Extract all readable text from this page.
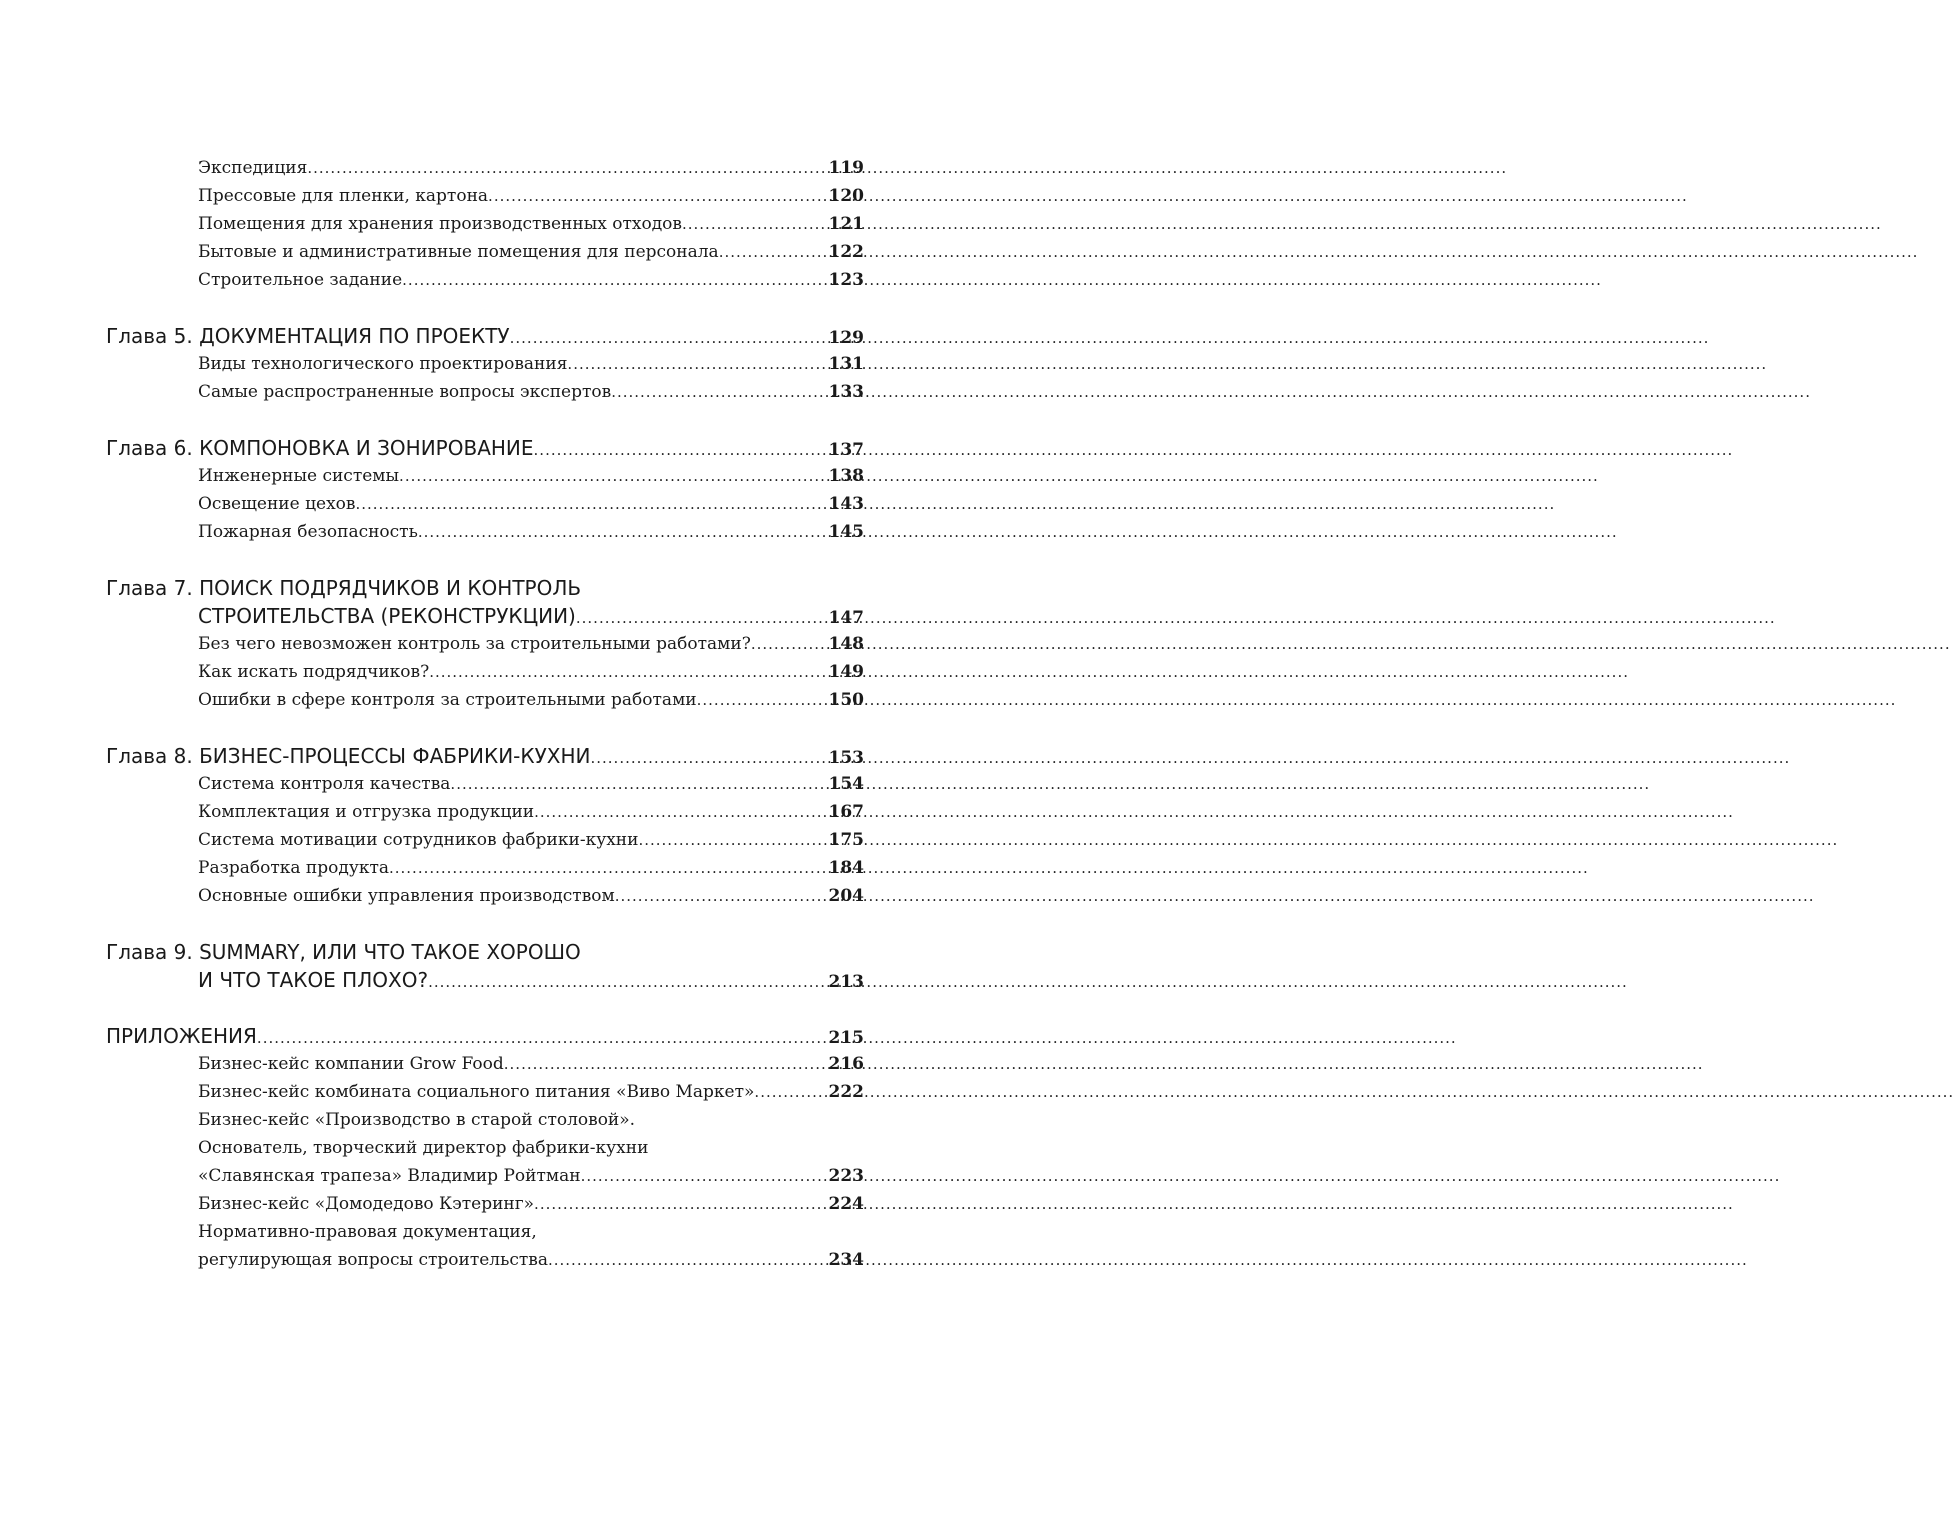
Экспедиция .....	119
Прессовые для пленки, картона .....	120
Помещения для хранения производственных отходов .....	121
Бытовые и административные помещения для персонала .....	122
Строительное задание .....	123
Глава 5. ДОКУМЕНТАЦИЯ ПО ПРОЕКТУ .....	129
Виды технологического проектирования .....	131
Самые распространенные вопросы экспертов .....	133
Глава 6. КОМПОНОВКА И ЗОНИРОВАНИЕ .....	137
Инженерные системы .....	138
Освещение цехов .....	143
Пожарная безопасность .....	145
Глава 7. ПОИСК ПОДРЯДЧИКОВ И КОНТРОЛЬ
СТРОИТЕЛЬСТВА (РЕКОНСТРУКЦИИ) .....	147
Без чего невозможен контроль за строительными работами? .....	148
Как искать подрядчиков? .....	149
Ошибки в сфере контроля за строительными работами .....	150
Глава 8. БИЗНЕС-ПРОЦЕССЫ ФАБРИКИ-КУХНИ .....	153
Система контроля качества .....	154
Комплектация и отгрузка продукции .....	167
Система мотивации сотрудников фабрики-кухни .....	175
Разработка продукта .....	184
Основные ошибки управления производством .....	204
Глава 9. SUMMARY, ИЛИ ЧТО ТАКОЕ ХОРОШО
И ЧТО ТАКОЕ ПЛОХО? .....	213
ПРИЛОЖЕНИЯ .....	215
Бизнес-кейс компании Grow Food .....	216
Бизнес-кейс комбината социального питания «Виво Маркет» .....	222
Бизнес-кейс «Производство в старой столовой».
Основатель, творческий директор фабрики-кухни
«Славянская трапеза» Владимир Ройтман .....	223
Бизнес-кейс «Домодедово Кэтеринг» .....	224
Нормативно-правовая документация,
регулирующая вопросы строительства .....	234
